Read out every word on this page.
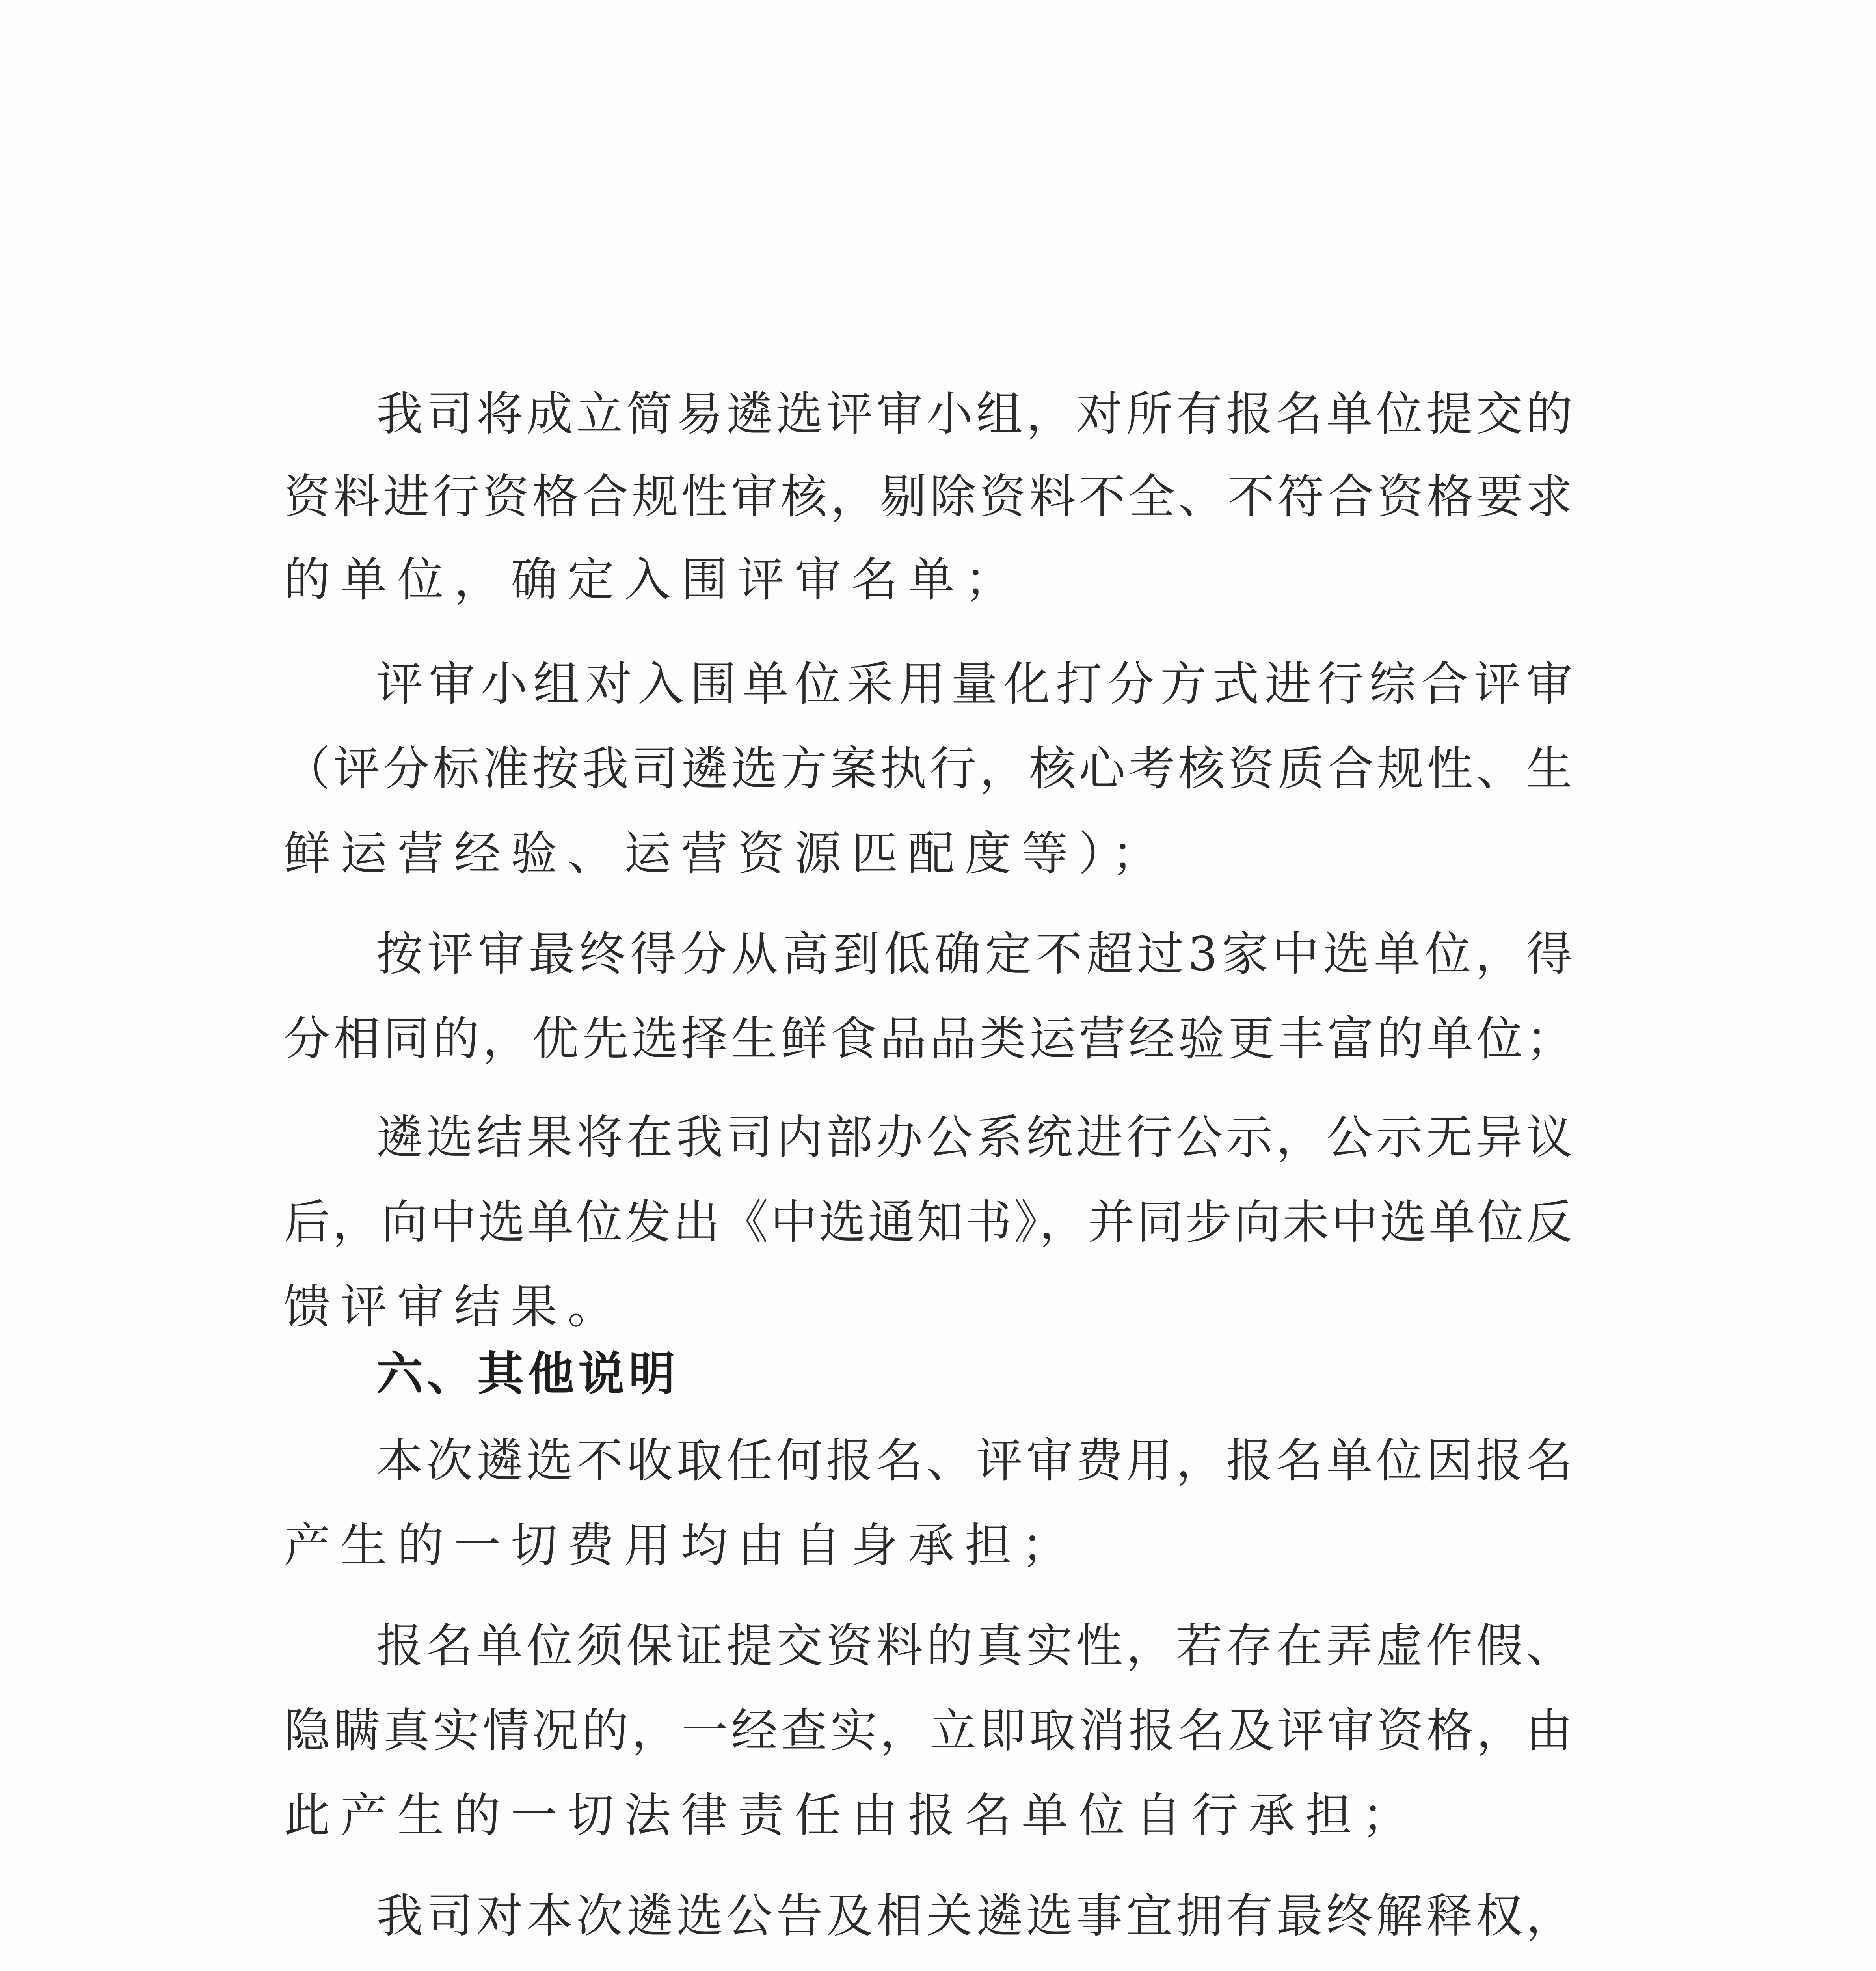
我司将成立简易遴选评审小组，对所有报名单位提交的
资料进行资格合规性审核，剔除资料不全、不符合资格要求
的单位，确定入围评审名单；
评审小组对入围单位采用量化打分方式进行综合评审
（评分标准按我司遴选方案执行，核心考核资质合规性、生
鲜运营经验、运营资源匹配度等）；
按评审最终得分从高到低确定不超过3家中选单位，得
分相同的，优先选择生鲜食品品类运营经验更丰富的单位；
遴选结果将在我司内部办公系统进行公示，公示无异议
后，向中选单位发出《中选通知书》，并同步向未中选单位反
馈评审结果。
六、其他说明
本次遴选不收取任何报名、评审费用，报名单位因报名
产生的一切费用均由自身承担；
报名单位须保证提交资料的真实性，若存在弄虚作假、
隐瞒真实情况的，一经查实，立即取消报名及评审资格，由
此产生的一切法律责任由报名单位自行承担；
我司对本次遴选公告及相关遴选事宜拥有最终解释权，
